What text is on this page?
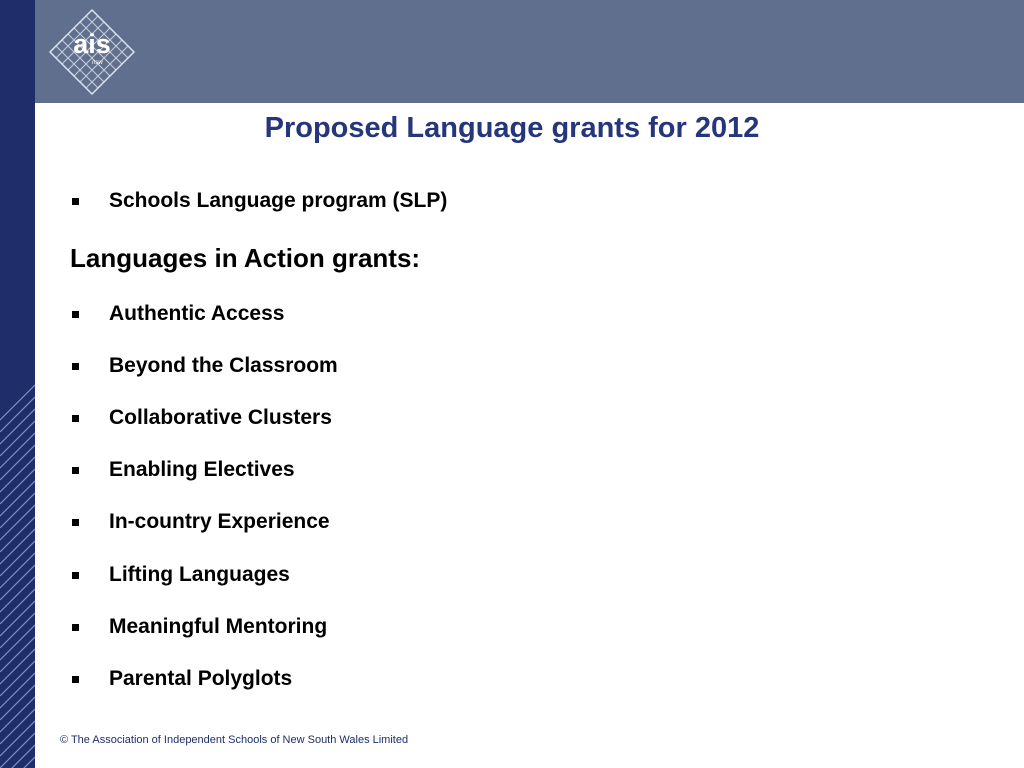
ais
nsw
Proposed Language grants for 2012
Schools Language program (SLP)
Languages in Action grants:
Authentic Access
Beyond the Classroom
Collaborative Clusters
Enabling Electives
In-country Experience
Lifting Languages
Meaningful Mentoring
Parental Polyglots
© The Association of Independent Schools of New South Wales Limited
